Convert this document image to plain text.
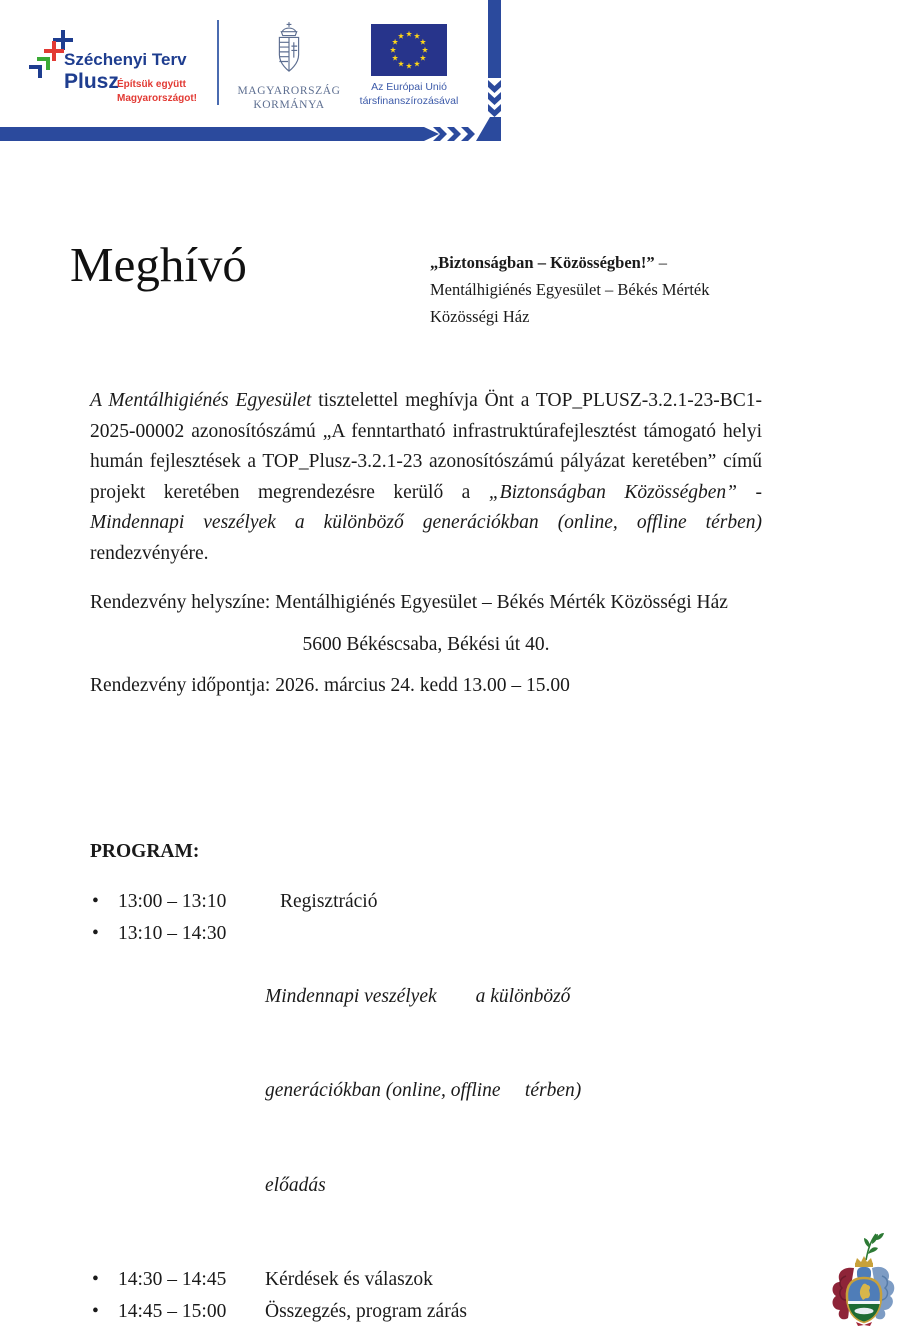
Széchenyi Terv
Plusz
Építsük együtt
Magyarországot!
MAGYARORSZÁG
KORMÁNYA
Az Európai Unió
társfinanszírozásával
Meghívó	„Biztonságban – Közösségben!” –
Mentálhigiénés Egyesület – Békés Mérték
Közösségi Ház

A Mentálhigiénés Egyesület tisztelettel meghívja Önt a TOP_PLUSZ-3.2.1-23-BC1-2025-00002 azonosítószámú „A fenntartható infrastruktúrafejlesztést támogató helyi humán fejlesztések a TOP_Plusz-3.2.1-23 azonosítószámú pályázat keretében” című projekt keretében megrendezésre kerülő a „Biztonságban Közösségben” - Mindennapi veszélyek a különböző generációkban (online, offline térben) rendezvényére.

Rendezvény helyszíne: Mentálhigiénés Egyesület – Békés Mérték Közösségi Ház
5600 Békéscsaba, Békési út 40.
Rendezvény időpontja: 2026. március 24. kedd 13.00 – 15.00
PROGRAM:
• 13:00 – 13:10	Regisztráció
• 13:10 – 14:30

Mindennapi veszélyek        a különböző

generációkban (online, offline     térben)

előadás

• 14:30 – 14:45 Kérdések és válaszok
• 14:45 – 15:00 Összegzés, program zárás
